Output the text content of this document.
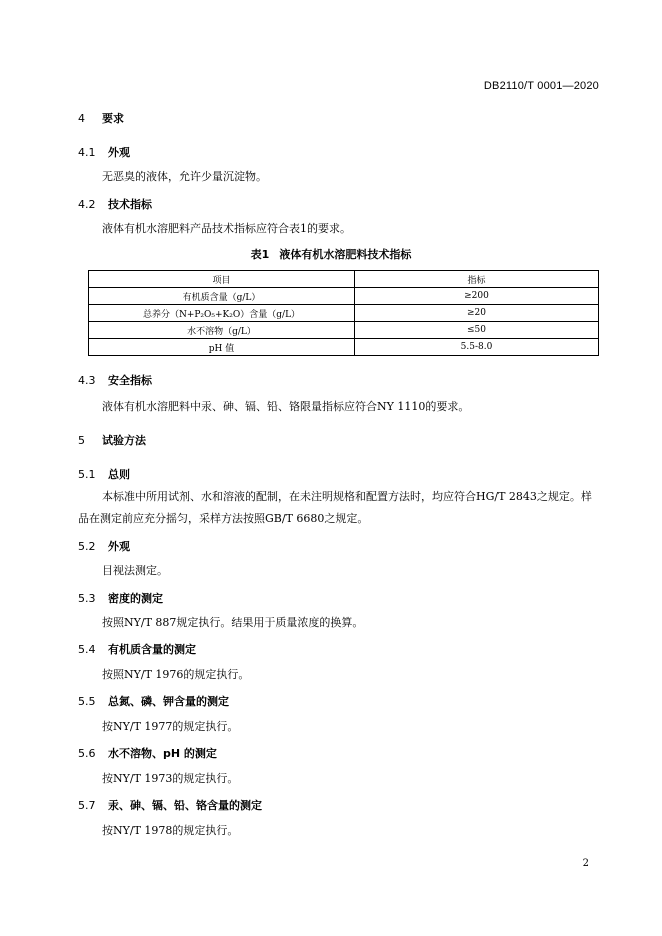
DB2110/T 0001—2020
4 要求
4.1 外观
无恶臭的液体，允许少量沉淀物。
4.2 技术指标
液体有机水溶肥料产品技术指标应符合表1的要求。
表1 液体有机水溶肥料技术指标
项目	指标
有机质含量（g/L）	≥200
总养分（N+P₂O₅+K₂O）含量（g/L）	≥20
水不溶物（g/L）	≤50
pH 值	5.5-8.0
4.3 安全指标
液体有机水溶肥料中汞、砷、镉、铅、铬限量指标应符合NY 1110的要求。
5 试验方法
5.1 总则
本标准中所用试剂、水和溶液的配制，在未注明规格和配置方法时，均应符合HG/T 2843之规定。样品在测定前应充分摇匀，采样方法按照GB/T 6680之规定。
5.2 外观
目视法测定。
5.3 密度的测定
按照NY/T 887规定执行。结果用于质量浓度的换算。
5.4 有机质含量的测定
按照NY/T 1976的规定执行。
5.5 总氮、磷、钾含量的测定
按NY/T 1977的规定执行。
5.6 水不溶物、pH 的测定
按NY/T 1973的规定执行。
5.7 汞、砷、镉、铅、铬含量的测定
按NY/T 1978的规定执行。
2
